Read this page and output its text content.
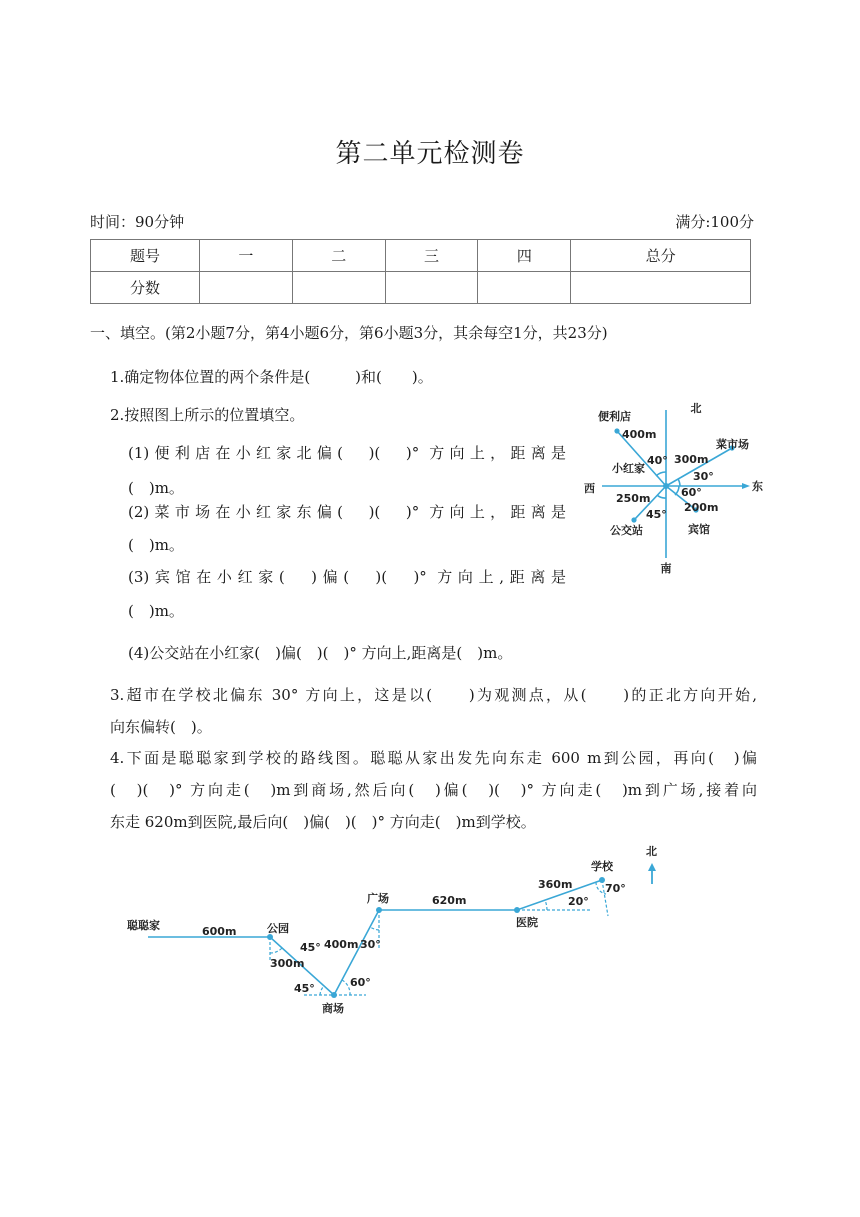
第二单元检测卷
时间：90分钟	满分:100分
题号	一	二	三	四	总分
分数					
一、填空。(第2小题7分，第4小题6分，第6小题3分，其余每空1分，共23分)
1.确定物体位置的两个条件是(　　　)和(　　)。
2.按照图上所示的位置填空。
(1)便利店在小红家北偏(　)(　)° 方向上，距离是
(　)m。
(2)菜市场在小红家东偏(　)(　)° 方向上，距离是
(　)m。
(3)宾馆在小红家(　)偏(　)(　)° 方向上,距离是
(　)m。
(4)公交站在小红家(　)偏(　)(　)° 方向上,距离是(　)m。
3.超市在学校北偏东 30° 方向上，这是以(　　)为观测点，从(　　)的正北方向开始,
向东偏转(　)。
4.下面是聪聪家到学校的路线图。聪聪从家出发先向东走 600 m到公园，再向(　)偏
(　)(　)° 方向走(　)m到商场,然后向(　)偏(　)(　)° 方向走(　)m到广场,接着向
东走 620m到医院,最后向(　)偏(　)(　)° 方向走(　)m到学校。
北
南
东
西
小红家
便利店
400m
40°
菜市场
300m
30°
宾馆
200m
60°
公交站
250m
45°
北
聪聪家	600m	公园
45°
300m
45°
商场
60°
400m 30°
广场	620m
医院
20°
360m
学校
70°
